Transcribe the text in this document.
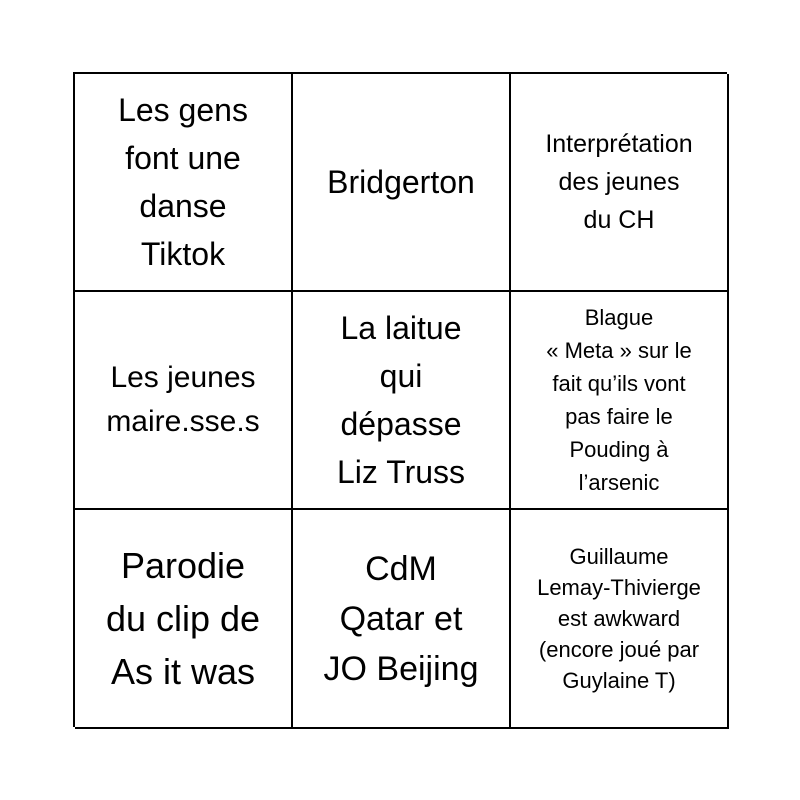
Les gens
font une
danse
Tiktok
Bridgerton
Interprétation
des jeunes
du CH
Les jeunes
maire.sse.s
La laitue
qui
dépasse
Liz Truss
Blague
« Meta » sur le
fait qu’ils vont
pas faire le
Pouding à
l’arsenic
Parodie
du clip de
As it was
CdM
Qatar et
JO Beijing
Guillaume
Lemay-Thivierge
est awkward
(encore joué par
Guylaine T)
